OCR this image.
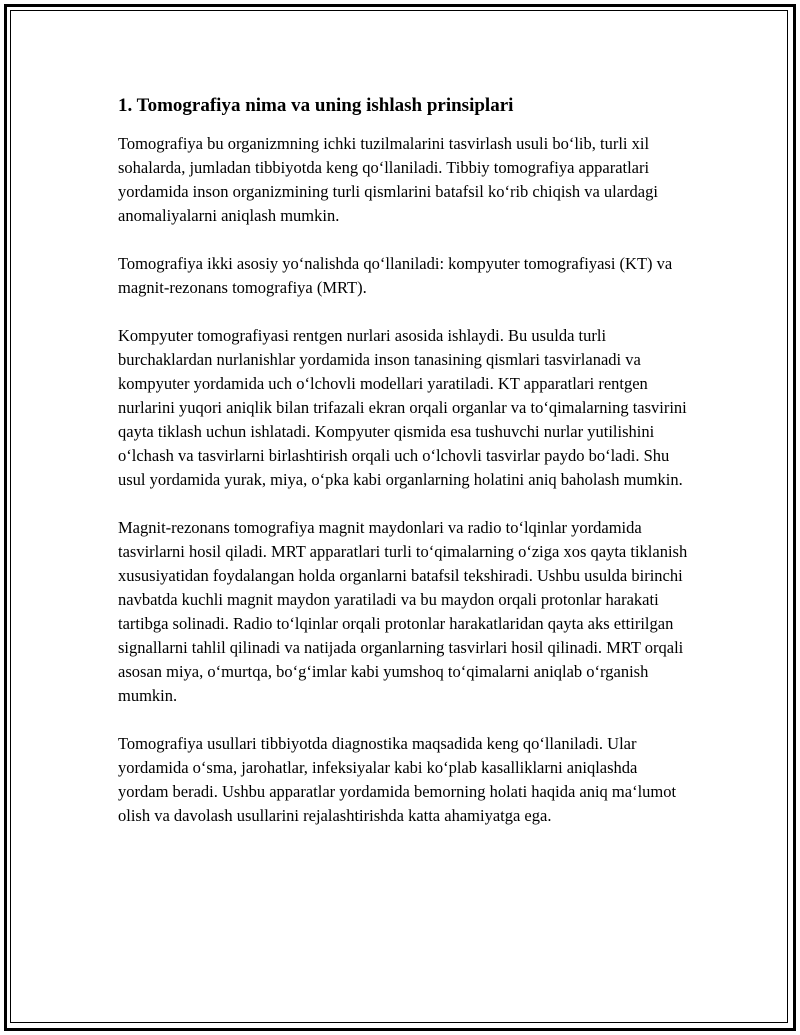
1. Tomografiya nima va uning ishlash prinsiplari

Tomografiya bu organizmning ichki tuzilmalarini tasvirlash usuli bo‘lib, turli xil sohalarda, jumladan tibbiyotda keng qo‘llaniladi. Tibbiy tomografiya apparatlari yordamida inson organizmining turli qismlarini batafsil ko‘rib chiqish va ulardagi anomaliyalarni aniqlash mumkin.

Tomografiya ikki asosiy yo‘nalishda qo‘llaniladi: kompyuter tomografiyasi (KT) va magnit-rezonans tomografiya (MRT).

Kompyuter tomografiyasi rentgen nurlari asosida ishlaydi. Bu usulda turli burchaklardan nurlanishlar yordamida inson tanasining qismlari tasvirlanadi va kompyuter yordamida uch o‘lchovli modellari yaratiladi. KT apparatlari rentgen nurlarini yuqori aniqlik bilan trifazali ekran orqali organlar va to‘qimalarning tasvirini qayta tiklash uchun ishlatadi. Kompyuter qismida esa tushuvchi nurlar yutilishini o‘lchash va tasvirlarni birlashtirish orqali uch o‘lchovli tasvirlar paydo bo‘ladi. Shu usul yordamida yurak, miya, o‘pka kabi organlarning holatini aniq baholash mumkin.

Magnit-rezonans tomografiya magnit maydonlari va radio to‘lqinlar yordamida tasvirlarni hosil qiladi. MRT apparatlari turli to‘qimalarning o‘ziga xos qayta tiklanish xususiyatidan foydalangan holda organlarni batafsil tekshiradi. Ushbu usulda birinchi navbatda kuchli magnit maydon yaratiladi va bu maydon orqali protonlar harakati tartibga solinadi. Radio to‘lqinlar orqali protonlar harakatlaridan qayta aks ettirilgan signallarni tahlil qilinadi va natijada organlarning tasvirlari hosil qilinadi. MRT orqali asosan miya, o‘murtqa, bo‘g‘imlar kabi yumshoq to‘qimalarni aniqlab o‘rganish mumkin.

Tomografiya usullari tibbiyotda diagnostika maqsadida keng qo‘llaniladi. Ular yordamida o‘sma, jarohatlar, infeksiyalar kabi ko‘plab kasalliklarni aniqlashda yordam beradi. Ushbu apparatlar yordamida bemorning holati haqida aniq ma‘lumot olish va davolash usullarini rejalashtirishda katta ahamiyatga ega.
